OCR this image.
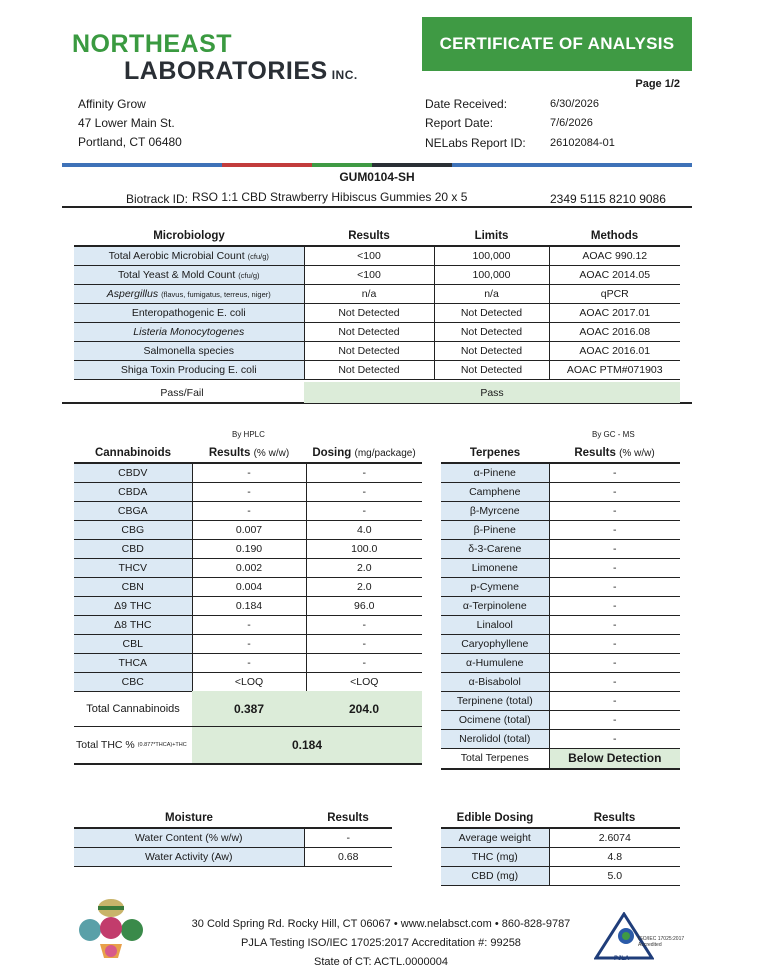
NORTHEAST
LABORATORIES INC.
CERTIFICATE OF ANALYSIS
Page 1/2
Affinity Grow
47 Lower Main St.
Portland, CT 06480
Date Received:	6/30/2026
Report Date:	7/6/2026
NELabs Report ID:	26102084-01
GUM0104-SH
Biotrack ID: RSO 1:1 CBD Strawberry Hibiscus Gummies 20 x 5	2349 5115 8210 9086
Microbiology	Results	Limits	Methods
Total Aerobic Microbial Count (cfu/g)	<100	100,000	AOAC 990.12
Total Yeast & Mold Count (cfu/g)	<100	100,000	AOAC 2014.05
Aspergillus (flavus, fumigatus, terreus, niger)	n/a	n/a	qPCR
Enteropathogenic E. coli	Not Detected	Not Detected	AOAC 2017.01
Listeria Monocytogenes	Not Detected	Not Detected	AOAC 2016.08
Salmonella species	Not Detected	Not Detected	AOAC 2016.01
Shiga Toxin Producing E. coli	Not Detected	Not Detected	AOAC PTM#071903
Pass/Fail	Pass
By HPLC	By GC - MS
Cannabinoids	Results (% w/w)	Dosing (mg/package)
CBDV	-	-
CBDA	-	-
CBGA	-	-
CBG	0.007	4.0
CBD	0.190	100.0
THCV	0.002	2.0
CBN	0.004	2.0
Δ9 THC	0.184	96.0
Δ8 THC	-	-
CBL	-	-
THCA	-	-
CBC	<LOQ	<LOQ
Total Cannabinoids	0.387	204.0
Total THC %
(0.877*THCA)+THC	0.184
Terpenes	Results (% w/w)
α-Pinene	-
Camphene	-
β-Myrcene	-
β-Pinene	-
δ-3-Carene	-
Limonene	-
p-Cymene	-
α-Terpinolene	-
Linalool	-
Caryophyllene	-
α-Humulene	-
α-Bisabolol	-
Terpinene (total)	-
Ocimene (total)	-
Nerolidol (total)	-
Total Terpenes	Below Detection
Moisture	Results
Water Content (% w/w)	-
Water Activity (Aw)	0.68
Edible Dosing	Results
Average weight	2.6074
THC (mg)	4.8
CBD (mg)	5.0
30 Cold Spring Rd. Rocky Hill, CT 06067 • www.nelabsct.com • 860-828-9787
PJLA Testing ISO/IEC 17025:2017 Accreditation #: 99258
State of CT: ACTL.0000004	PJLA
ISO/IEC 17025:2017 Accredited
